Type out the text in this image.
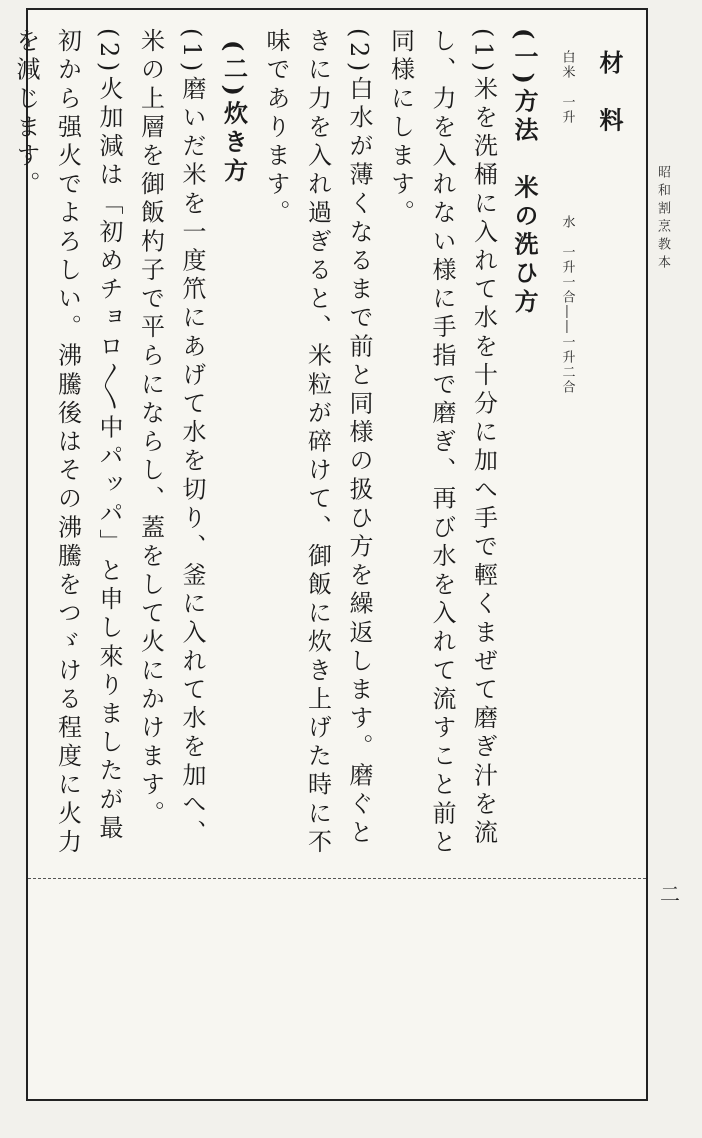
昭和割烹教本

材　料

白米　一升水　一升一合――一升二合

(一)方法　米の洗ひ方

(1)米を洗桶に入れて水を十分に加へ手で輕くまぜて磨ぎ汁を流し、力を入れない様に手指で磨ぎ、再び水を入れて流すこと前と同様にします。

(2)白水が薄くなるまで前と同様の扱ひ方を繰返します。磨ぐときに力を入れ過ぎると、米粒が碎けて、御飯に炊き上げた時に不味であります。

(二)炊き方

(1)磨いだ米を一度笊にあげて水を切り、釜に入れて水を加へ、米の上層を御飯杓子で平らにならし、蓋をして火にかけます。

(2)火加減は「初めチョロ〳〵中パッパ」と申し來りましたが最初から强火でよろしい。沸騰後はその沸騰をつゞける程度に火力を減じます。

二
